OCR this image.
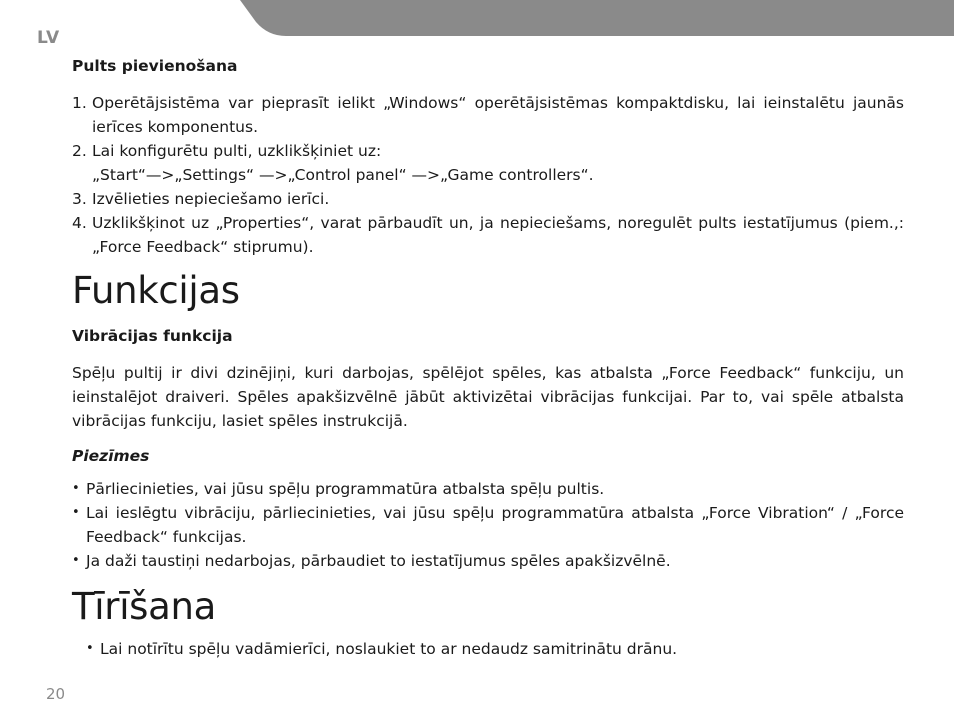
LV
Pults pievienošana
1. Operētājsistēma var pieprasīt ielikt „Windows“ operētājsistēmas kompaktdisku, lai ieinstalētu jaunās ierīces komponentus.
2. Lai konfigurētu pulti, uzklikšķiniet uz:
„Start“—>„Settings“ —>„Control panel“ —>„Game controllers“.
3. Izvēlieties nepieciešamo ierīci.
4. Uzklikšķinot uz „Properties“, varat pārbaudīt un, ja nepieciešams, noregulēt pults iestatījumus (piem.,: „Force Feedback“ stiprumu).
Funkcijas
Vibrācijas funkcija

Spēļu pultij ir divi dzinējiņi, kuri darbojas, spēlējot spēles, kas atbalsta „Force Feedback“ funkciju, un ieinstalējot draiveri. Spēles apakšizvēlnē jābūt aktivizētai vibrācijas funkcijai. Par to, vai spēle atbalsta vibrācijas funkciju, lasiet spēles instrukcijā.

Piezīmes
• Pārliecinieties, vai jūsu spēļu programmatūra atbalsta spēļu pultis.
• Lai ieslēgtu vibrāciju, pārliecinieties, vai jūsu spēļu programmatūra atbalsta „Force Vibration“ / „Force Feedback“ funkcijas.
• Ja daži taustiņi nedarbojas, pārbaudiet to iestatījumus spēles apakšizvēlnē.
Tīrīšana
• Lai notīrītu spēļu vadāmierīci, noslaukiet to ar nedaudz samitrinātu drānu.
20
